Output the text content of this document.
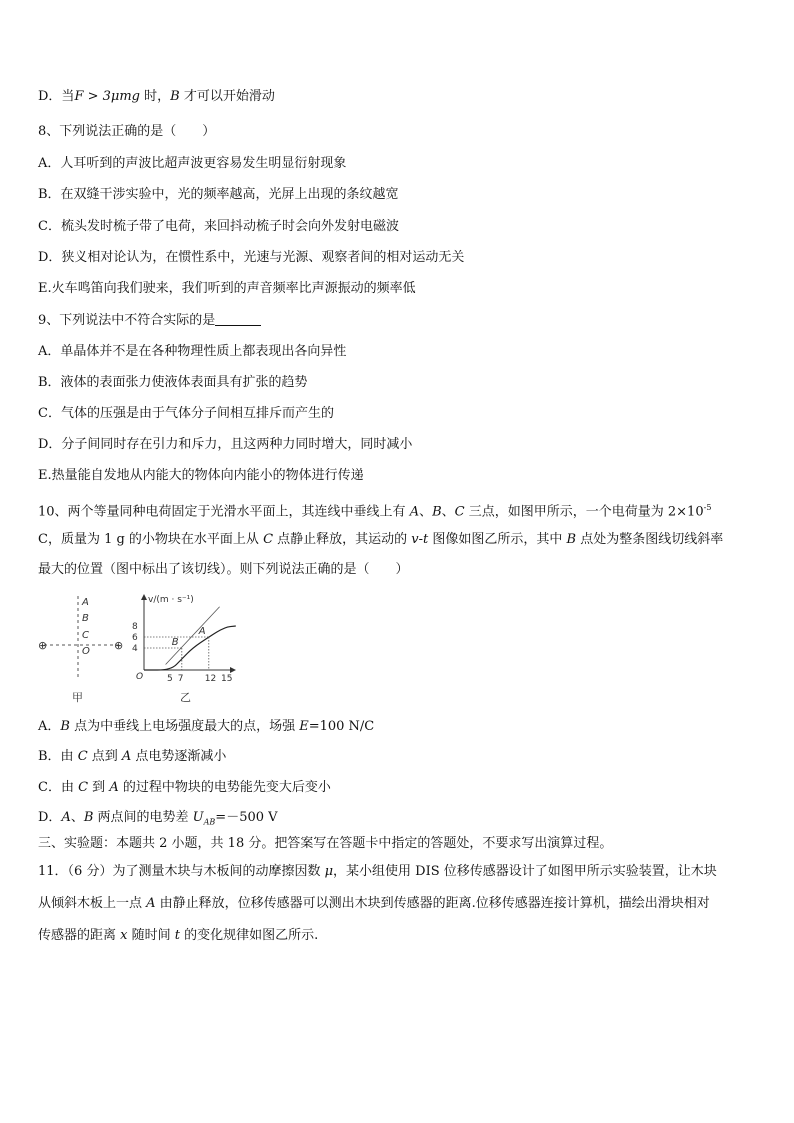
D．当F > 3μmg 时，B 才可以开始滑动
8、下列说法正确的是（　　）
A．人耳听到的声波比超声波更容易发生明显衍射现象
B．在双缝干涉实验中，光的频率越高，光屏上出现的条纹越宽
C．梳头发时梳子带了电荷，来回抖动梳子时会向外发射电磁波
D．狭义相对论认为，在惯性系中，光速与光源、观察者间的相对运动无关
E.火车鸣笛向我们驶来，我们听到的声音频率比声源振动的频率低
9、下列说法中不符合实际的是
A．单晶体并不是在各种物理性质上都表现出各向异性
B．液体的表面张力使液体表面具有扩张的趋势
C．气体的压强是由于气体分子间相互排斥而产生的
D．分子间同时存在引力和斥力，且这两种力同时增大，同时减小
E.热量能自发地从内能大的物体向内能小的物体进行传递
10、两个等量同种电荷固定于光滑水平面上，其连线中垂线上有 A、B、C 三点，如图甲所示，一个电荷量为 $2\times 10^{-5}$
C，质量为 1 g 的小物块在水平面上从 C 点静止释放，其运动的 v-t 图像如图乙所示，其中 B 点处为整条图线切线斜率
最大的位置（图中标出了该切线）。则下列说法正确的是（　　）
⊕	⊕
A
B
C
O
甲
v/(m · s⁻¹)
O
A
B
4
6
8
5 7 12 15
乙
A．B 点为中垂线上电场强度最大的点，场强 E=100 N/C
B．由 C 点到 A 点电势逐渐减小
C．由 C 到 A 的过程中物块的电势能先变大后变小
D．A、B 两点间的电势差 $U_{AB}=-500$ V
三、实验题：本题共 2 小题，共 18 分。把答案写在答题卡中指定的答题处，不要求写出演算过程。
11．（6 分）为了测量木块与木板间的动摩擦因数 μ，某小组使用 DIS 位移传感器设计了如图甲所示实验装置，让木块
从倾斜木板上一点 A 由静止释放，位移传感器可以测出木块到传感器的距离.位移传感器连接计算机，描绘出滑块相对
传感器的距离 x 随时间 t 的变化规律如图乙所示.
